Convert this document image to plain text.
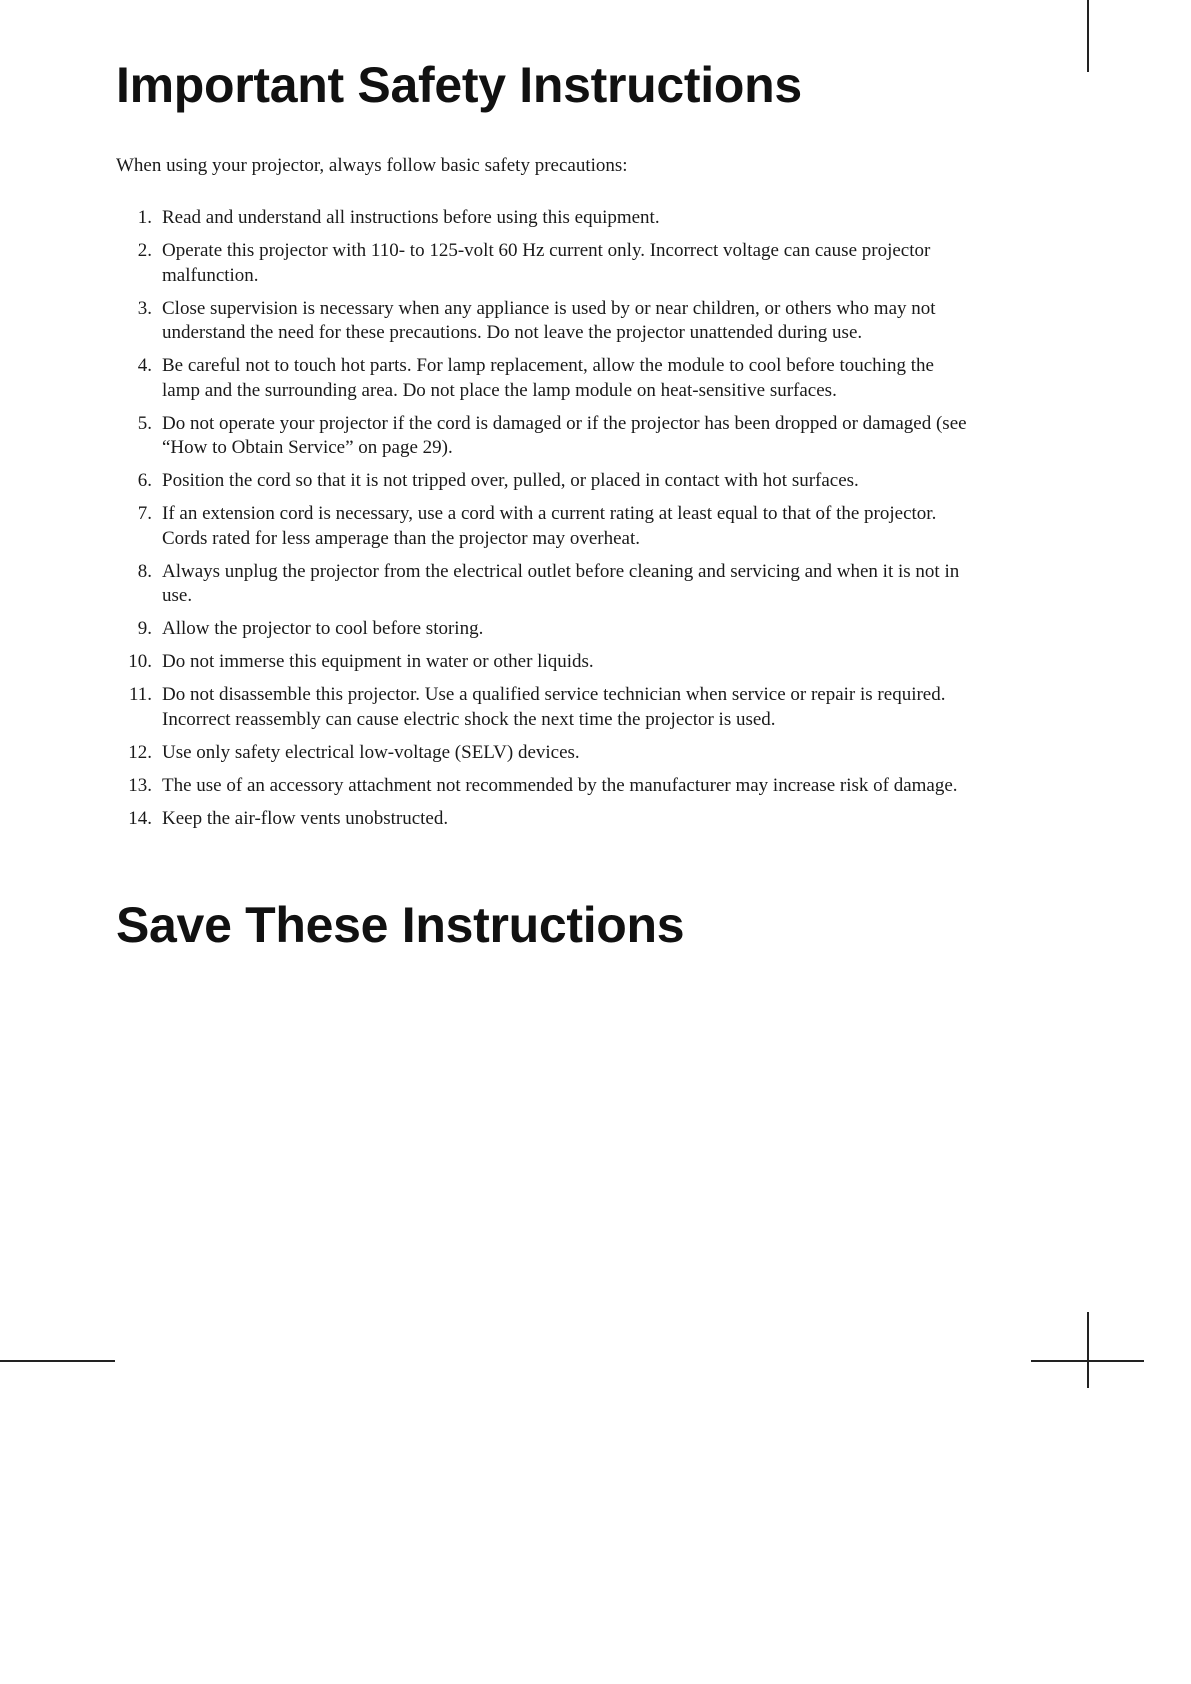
Important Safety Instructions

When using your projector, always follow basic safety precautions:

1 . Read and understand all instructions before using this equipment.
2 . Operate this projector with 110- to 125-volt 60 Hz current only. Incorrect voltage can cause projector malfunction.
3 . Close supervision is necessary when any appliance is used by or near children, or others who may not understand the need for these precautions. Do not leave the projector unattended during use.
4 . Be careful not to touch hot parts. For lamp replacement, allow the module to cool before touching the lamp and the surrounding area. Do not place the lamp module on heat-sensitive surfaces.
5 . Do not operate your projector if the cord is damaged or if the projector has been dropped or damaged (see “How to Obtain Service” on page 29).
6 . Position the cord so that it is not tripped over, pulled, or placed in contact with hot surfaces.
7 . If an extension cord is necessary, use a cord with a current rating at least equal to that of the projector. Cords rated for less amperage than the projector may overheat.
8 . Always unplug the projector from the electrical outlet before cleaning and servicing and when it is not in use.
9 . Allow the projector to cool before storing.
10 . Do not immerse this equipment in water or other liquids.
11 . Do not disassemble this projector. Use a qualified service technician when service or repair is required. Incorrect reassembly can cause electric shock the next time the projector is used.
12 . Use only safety electrical low-voltage (SELV) devices.
13 . The use of an accessory attachment not recommended by the manufacturer may increase risk of damage.
14 . Keep the air-flow vents unobstructed.
Save These Instructions
